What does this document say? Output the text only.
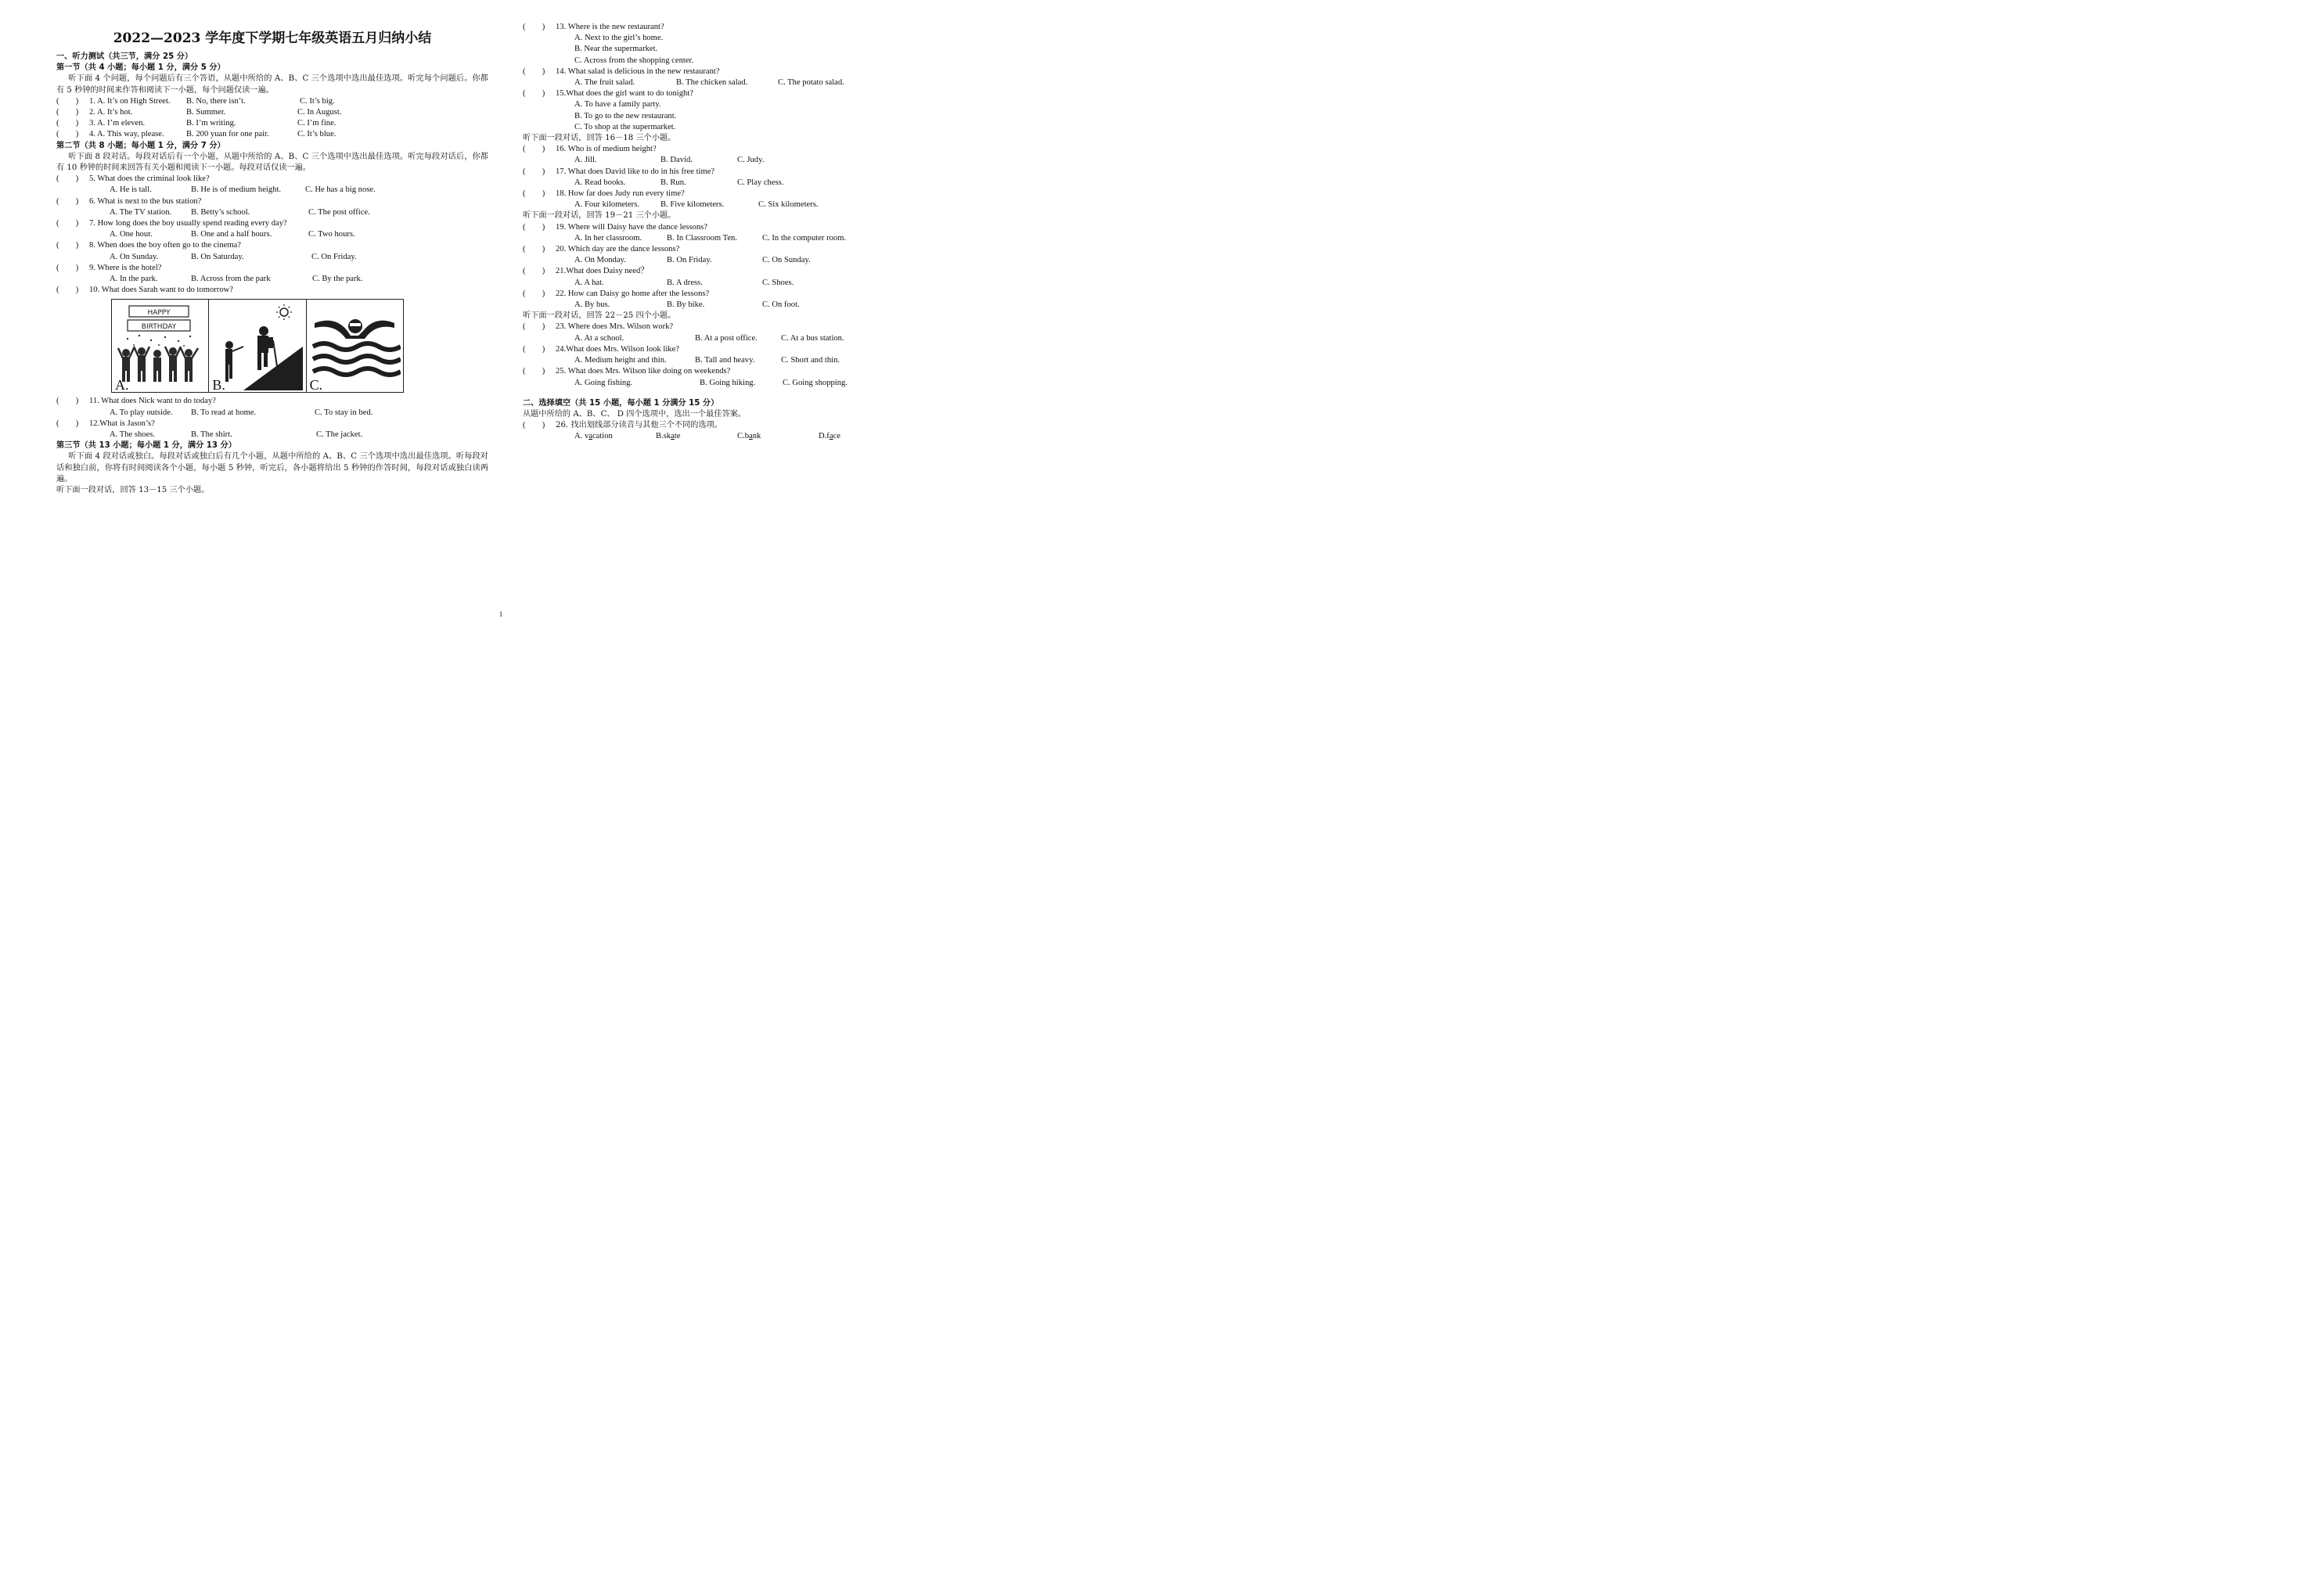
2022—2023 学年度下学期七年级英语五月归纳小结
一、听力测试（共三节，满分 25 分）
第一节（共 4 小题；每小题 1 分，满分 5 分）
听下面 4 个问题，每个问题后有三个答语，从题中所给的 A、B、C 三个选项中选出最佳选项。听完每个问题后。你都有 5 秒钟的时间来作答和阅读下一小题，每个问题仅读一遍。
(　　)	1. A. It’s on High Street.	B. No, there isn’t.	C. It’s big.
(　　)	2. A. It’s hot.	B. Summer.	C. In August.
(　　)	3. A. I’m eleven.	B. I’m writing.	C. I’m fine.
(　　)	4. A. This way, please.	B. 200 yuan for one pair.	C. It’s blue.
第二节（共 8 小题；每小题 1 分，满分 7 分）
听下面 8 段对话。每段对话后有一个小题，从题中所给的 A、B、C 三个选项中选出最佳选项。听完每段对话后，你都有 10 秒钟的时间来回答有关小题和阅读下一小题。每段对话仅读一遍。
(　　)	5. What does the criminal look like?
A. He is tall.	B. He is of medium height.	C. He has a big nose.
(　　)	6. What is next to the bus station?
A. The TV station.	B. Betty’s school.	C. The post office.
(　　)	7. How long does the boy usually spend reading every day?
A. One hour.	B. One and a half hours.	C. Two hours.
(　　)	8. When does the boy often go to the cinema?
A. On Sunday.	B. On Saturday.	C. On Friday.
(　　)	9. Where is the hotel?
A. In the park.	B. Across from the park	C. By the park.
(　　)	10. What does Sarah want to do tomorrow?
HAPPY
BIRTHDAY
A.	B.	C.
(　　)	11. What does Nick want to do today?
A. To play outside.	B. To read at home.	C. To stay in bed.
(　　)	12.What is Jason’s?
A. The shoes.	B. The shirt.	C. The jacket.
第三节（共 13 小题；每小题 1 分，满分 13 分）
听下面 4 段对话或独白。每段对话或独白后有几个小题，从题中所给的 A、B、C 三个选项中选出最佳选项。听每段对话和独白前，你将有时间阅读各个小题，每小题 5 秒钟，听完后，各小题将给出 5 秒钟的作答时间，每段对话或独白读两遍。
听下面一段对话，回答 13－15 三个小题。
(　　)	13. Where is the new restaurant?
A. Next to the girl’s home.
B. Near the supermarket.
C. Across from the shopping center.
(　　)	14. What salad is delicious in the new restaurant?
A. The fruit salad.	B. The chicken salad.	C. The potato salad.
(　　)	15.What does the girl want to do tonight?
A. To have a family party.
B. To go to the new restaurant.
C. To shop at the supermarket.
听下面一段对话，回答 16－18 三个小题。
(　　)	16. Who is of medium height?
A. Jill.	B. David.	C. Judy.
(　　)	17. What does David like to do in his free time?
A. Read books.	B. Run.	C. Play chess.
(　　)	18. How far does Judy run every time?
A. Four kilometers.	B. Five kilometers.	C. Six kilometers.
听下面一段对话，回答 19－21 三个小题。
(　　)	19. Where will Daisy have the dance lessons?
A. In her classroom.	B. In Classroom Ten.	C. In the computer room.
(　　)	20. Which day are the dance lessons?
A. On Monday.	B. On Friday.	C. On Sunday.
(　　)	21.What does Daisy need？
A. A hat.	B. A dress.	C. Shoes.
(　　)	22. How can Daisy go home after the lessons?
A. By bus.	B. By bike.	C. On foot.
听下面一段对话，回答 22－25 四个小题。
(　　)	23. Where does Mrs. Wilson work?
A. At a school.	B. At a post office.	C. At a bus station.
(　　)	24.What does Mrs. Wilson look like?
A. Medium height and thin.	B. Tall and heavy.	C. Short and thin.
(　　)	25. What does Mrs. Wilson like doing on weekends?
A. Going fishing.	B. Going hiking.	C. Going shopping.
二、选择填空（共 15 小题，每小题 1 分满分 15 分）
从题中所给的 A、B、C、 D 四个选项中，选出一个最佳答案。
(　　)	26. 找出划线部分读音与其他三个不同的选项。
A. vacation	B.skate	C.bank	D.face
1
